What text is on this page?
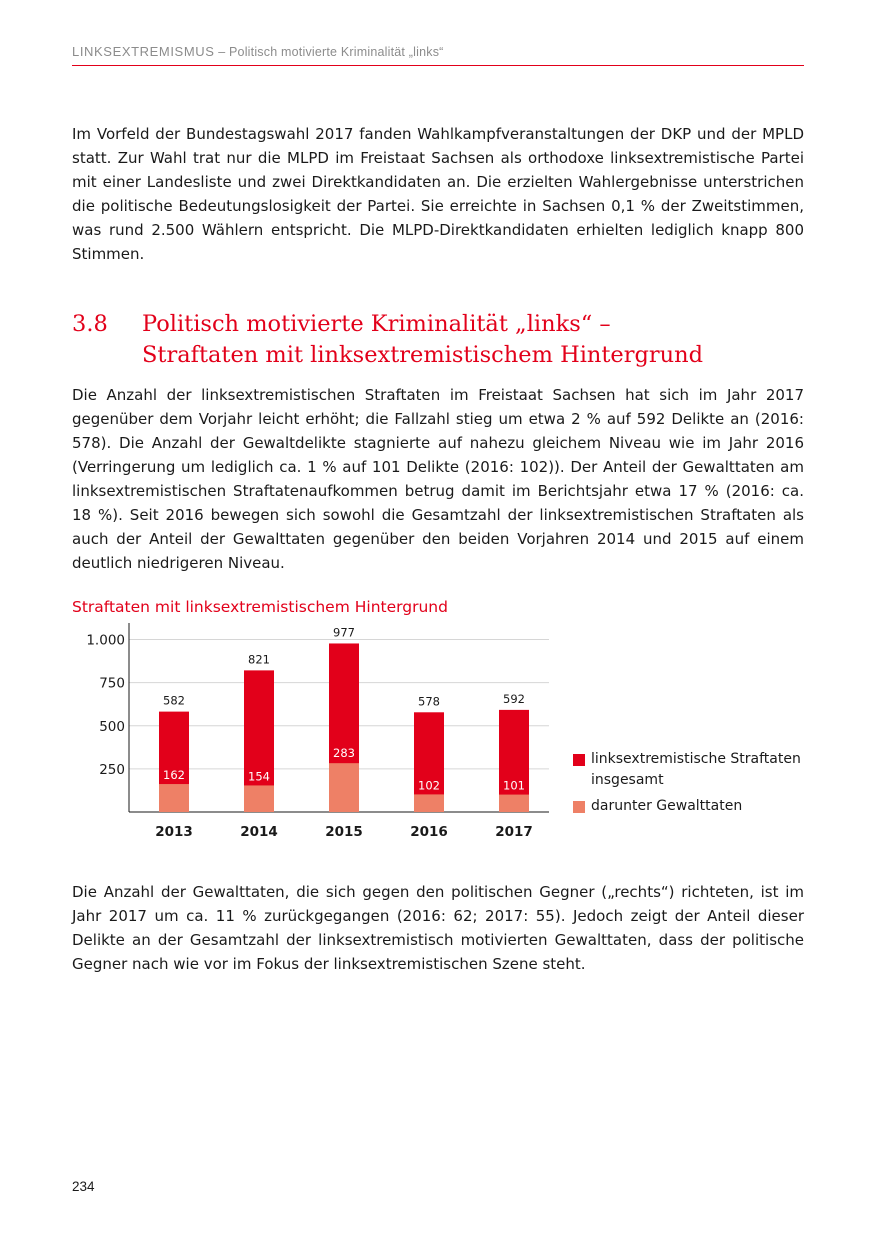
LINKSEXTREMISMUS – Politisch motivierte Kriminalität „links“

Im Vorfeld der Bundestagswahl 2017 fanden Wahlkampfveranstaltungen der DKP und der MPLD statt. Zur Wahl trat nur die MLPD im Freistaat Sachsen als orthodoxe linksextremistische Partei mit einer Landesliste und zwei Direktkandidaten an. Die erzielten Wahlergebnisse unterstrichen die politische Bedeutungslosigkeit der Partei. Sie erreichte in Sachsen 0,1 % der Zweitstimmen, was rund 2.500 Wählern entspricht. Die MLPD-Direktkandidaten erhielten lediglich knapp 800 Stimmen.

3.8 Politisch motivierte Kriminalität „links“ –
Straftaten mit linksextremistischem Hintergrund

Die Anzahl der linksextremistischen Straftaten im Freistaat Sachsen hat sich im Jahr 2017 gegenüber dem Vorjahr leicht erhöht; die Fallzahl stieg um etwa 2 % auf 592 Delikte an (2016: 578). Die Anzahl der Gewaltdelikte stagnierte auf nahezu gleichem Niveau wie im Jahr 2016 (Verringerung um lediglich ca. 1 % auf 101 Delikte (2016: 102)). Der Anteil der Gewalttaten am linksextremistischen Straftatenaufkommen betrug damit im Berichtsjahr etwa 17 % (2016: ca. 18 %). Seit 2016 bewegen sich sowohl die Gesamtzahl der linksextremistischen Straftaten als auch der Anteil der Gewalttaten gegenüber den beiden Vorjahren 2014 und 2015 auf einem deutlich niedrigeren Niveau.

Straftaten mit linksextremistischem Hintergrund
250
500
750
1.000
582
162
2013
821
154
2014
977
283
2015
578
102
2016
592
101
2017
linksextremistische Straftaten insgesamt
darunter Gewalttaten

Die Anzahl der Gewalttaten, die sich gegen den politischen Gegner („rechts“) richteten, ist im Jahr 2017 um ca. 11 % zurückgegangen (2016: 62; 2017: 55). Jedoch zeigt der Anteil dieser Delikte an der Gesamtzahl der linksextremistisch motivierten Gewalttaten, dass der politische Gegner nach wie vor im Fokus der linksextremistischen Szene steht.

234
